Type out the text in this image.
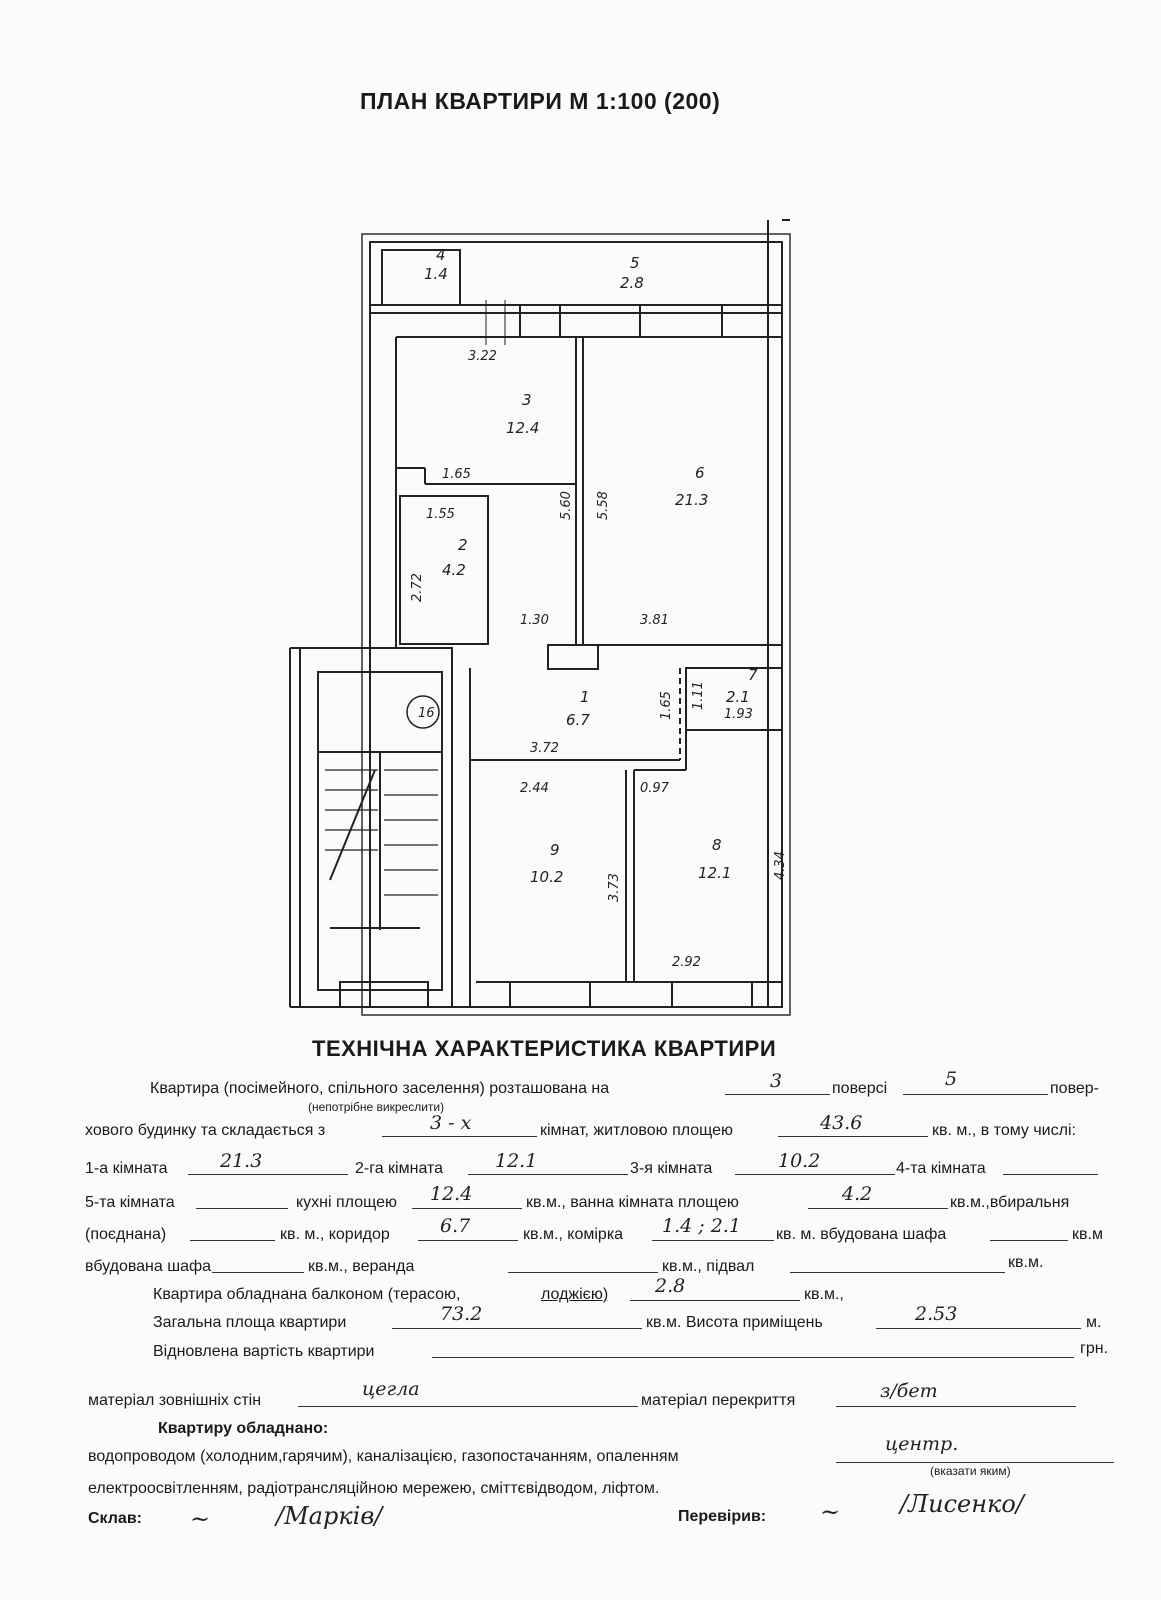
ПЛАН КВАРТИРИ М 1:100 (200)
4
1.4
5
2.8
3
12.4
6
21.3
2
4.2
1
6.7
7
2.1
9
10.2
8
12.1
16
3.22
1.65
1.55
1.30	3.81
3.72
1.93
2.44	0.97
2.92
5.60 5.58
2.72
1.65 1.11
3.73
4.34
ТЕХНІЧНА ХАРАКТЕРИСТИКА КВАРТИРИ
Квартира (посімейного, спільного заселення) розташована на	3	поверсі	5	повер-
(непотрібне викреслити)
хового будинку та складається з	3 - х	кімнат, житловою площею	43.6	кв. м., в тому числі:
1-а кімната	21.3	2-га кімната	12.1	3-я кімната	10.2	4-та кімната
5-та кімната	кухні площею 12.4	кв.м., ванна кімната площею	4.2	кв.м.,вбиральня
(поєднана)	кв. м., коридор	6.7	кв.м., комірка 1.4 ; 2.1 кв. м. вбудована шафа	кв.м
вбудована шафа	кв.м., веранда	кв.м., підвал	кв.м.
Квартира обладнана балконом (терасою,	лоджією) 2.8	кв.м.,
Загальна площа квартири	73.2	кв.м. Висота приміщень	2.53	м.
Відновлена вартість квартири	грн.
матеріал зовнішніх стін
цегла
матеріал перекриття	з/бет
Квартиру обладнано:
водопроводом (холодним,гарячим), каналізацією, газопостачанням, опаленням
центр.
(вказати яким)
електроосвітленням, радіотрансляційною мережею, сміттєвідводом, ліфтом.
Склав: ~	/Марків/	Перевірив: ~ /Лисенко/
